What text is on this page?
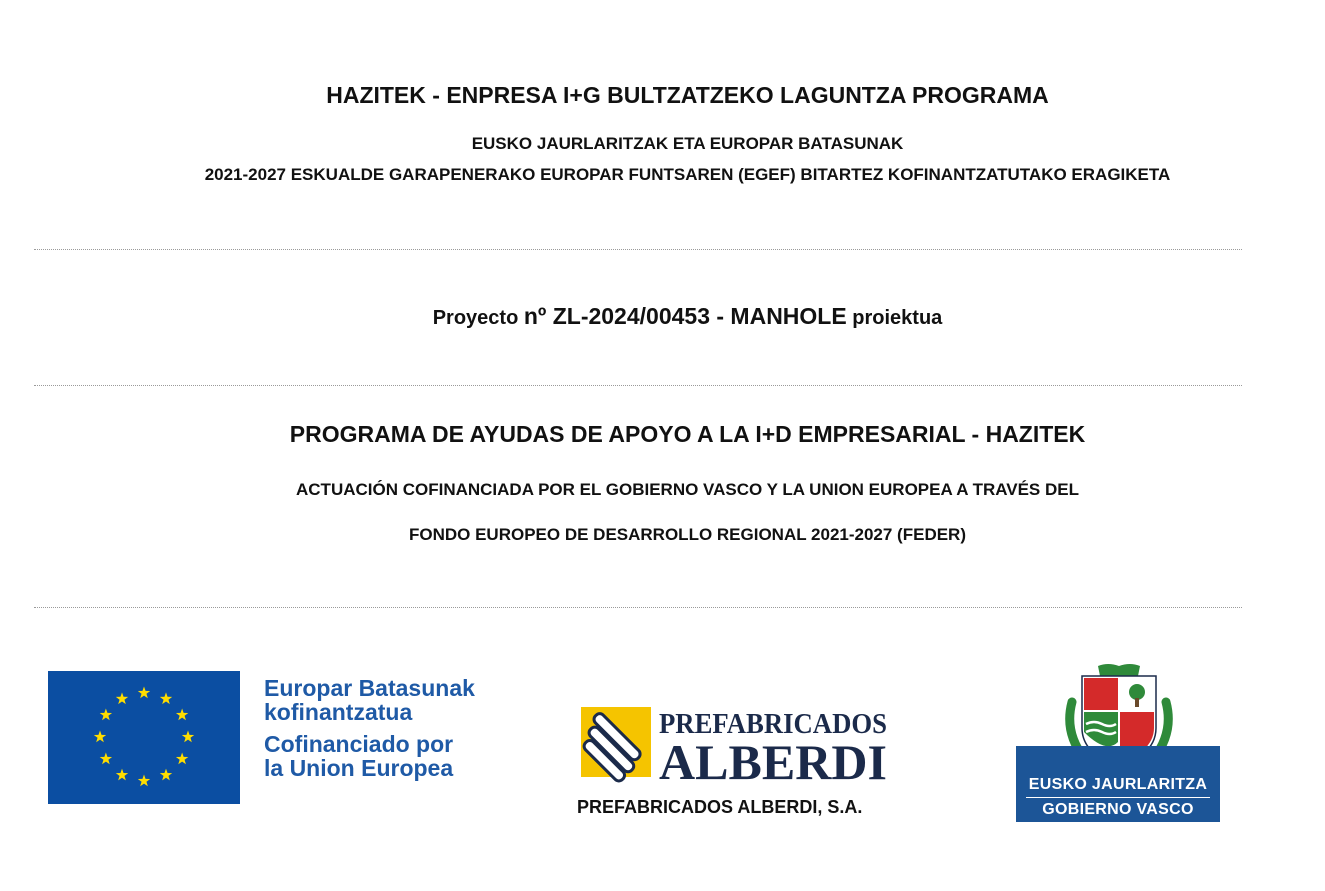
HAZITEK - ENPRESA I+G BULTZATZEKO LAGUNTZA PROGRAMA
EUSKO JAURLARITZAK ETA EUROPAR BATASUNAK
2021-2027 ESKUALDE GARAPENERAKO EUROPAR FUNTSAREN (EGEF) BITARTEZ KOFINANTZATUTAKO ERAGIKETA
Proyecto nº ZL-2024/00453 - MANHOLE proiektua
PROGRAMA DE AYUDAS DE APOYO A LA I+D EMPRESARIAL - HAZITEK
ACTUACIÓN COFINANCIADA POR EL GOBIERNO VASCO Y LA UNION EUROPEA A TRAVÉS DEL
FONDO EUROPEO DE DESARROLLO REGIONAL 2021-2027 (FEDER)
Europar Batasunak
kofinantzatua
Cofinanciado por
la Union Europea
PREFABRICADOS
ALBERDI
PREFABRICADOS ALBERDI, S.A.
EUSKO JAURLARITZA
GOBIERNO VASCO
